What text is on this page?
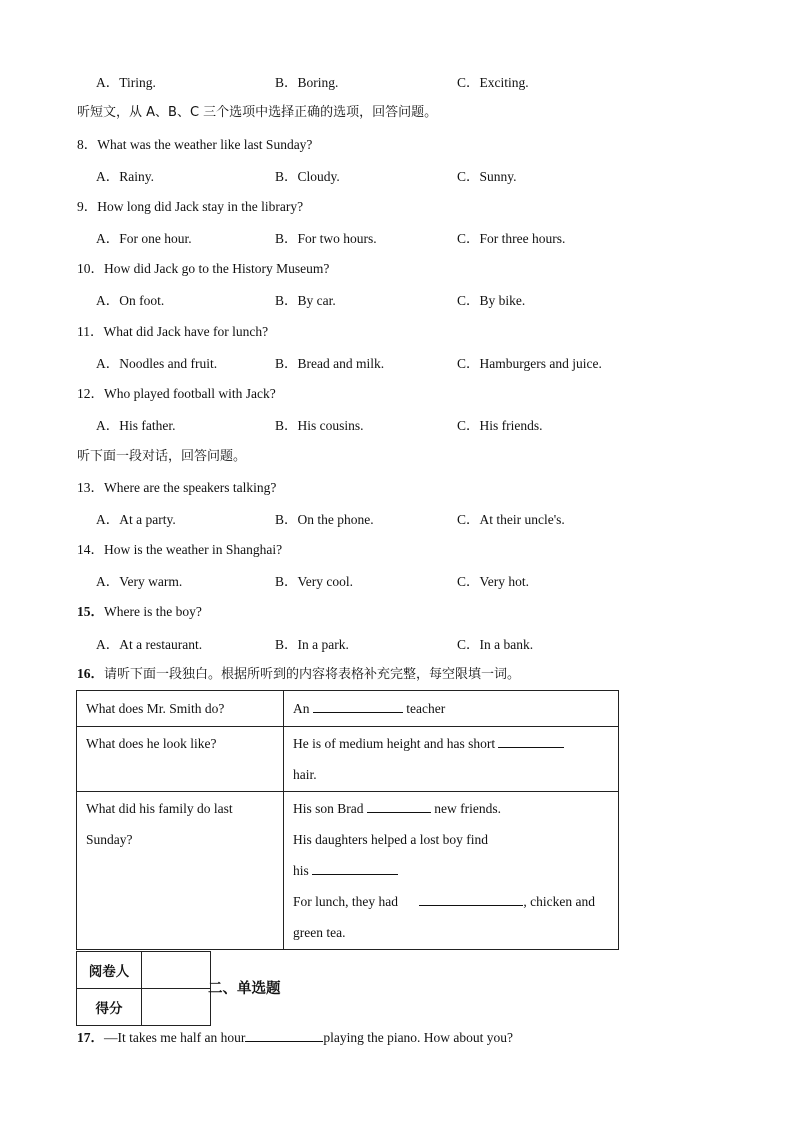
A．Tiring.	B．Boring.	C．Exciting.
听短文，从 A、B、C 三个选项中选择正确的选项，回答问题。
8．What was the weather like last Sunday?
A．Rainy.	B．Cloudy.	C．Sunny.
9．How long did Jack stay in the library?
A．For one hour.	B．For two hours.	C．For three hours.
10．How did Jack go to the History Museum?
A．On foot.	B．By car.	C．By bike.
11．What did Jack have for lunch?
A．Noodles and fruit.	B．Bread and milk.	C．Hamburgers and juice.
12．Who played football with Jack?
A．His father.	B．His cousins.	C．His friends.
听下面一段对话，回答问题。
13．Where are the speakers talking?
A．At a party.	B．On the phone.	C．At their uncle's.
14．How is the weather in Shanghai?
A．Very warm.	B．Very cool.	C．Very hot.
15．Where is the boy?
A．At a restaurant.	B．In a park.	C．In a bank.
16．请听下面一段独白。根据所听到的内容将表格补充完整，每空限填一词。
What does Mr. Smith do?	An teacher
What does he look like?	He is of medium height and has short
hair.

What did his family do last
Sunday?	His son Brad new friends.
His daughters helped a lost boy find
his
For lunch, they had , chicken and
green tea.
阅卷人	
得分	
二、单选题
17．—It takes me half an hour	playing the piano. How about you?
